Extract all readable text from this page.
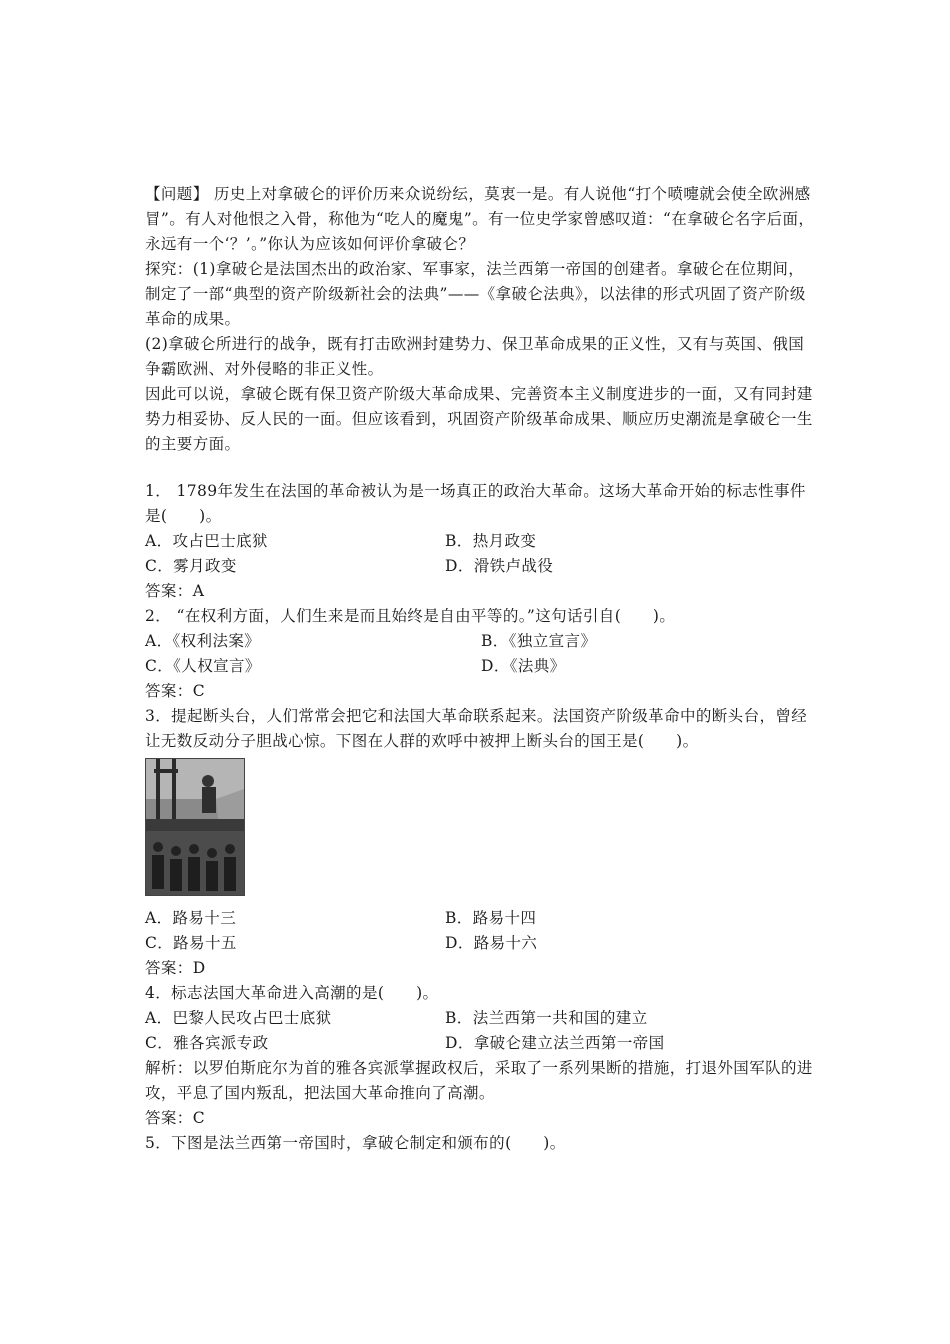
【问题】 历史上对拿破仑的评价历来众说纷纭，莫衷一是。有人说他“打个喷嚏就会使全欧洲感冒”。有人对他恨之入骨，称他为“吃人的魔鬼”。有一位史学家曾感叹道：“在拿破仑名字后面，永远有一个‘？’。”你认为应该如何评价拿破仑？

探究：(1)拿破仑是法国杰出的政治家、军事家，法兰西第一帝国的创建者。拿破仑在位期间，制定了一部“典型的资产阶级新社会的法典”——《拿破仑法典》，以法律的形式巩固了资产阶级革命的成果。

(2)拿破仑所进行的战争，既有打击欧洲封建势力、保卫革命成果的正义性，又有与英国、俄国争霸欧洲、对外侵略的非正义性。

因此可以说，拿破仑既有保卫资产阶级大革命成果、完善资本主义制度进步的一面，又有同封建势力相妥协、反人民的一面。但应该看到，巩固资产阶级革命成果、顺应历史潮流是拿破仑一生的主要方面。

1． 1789年发生在法国的革命被认为是一场真正的政治大革命。这场大革命开始的标志性事件是(　　)。

A．攻占巴士底狱	B．热月政变
C．雾月政变	D．滑铁卢战役

答案：A

2． “在权利方面，人们生来是而且始终是自由平等的。”这句话引自(　　)。

A．《权利法案》	B．《独立宣言》
C．《人权宣言》	D．《法典》

答案：C

3．提起断头台，人们常常会把它和法国大革命联系起来。法国资产阶级革命中的断头台，曾经让无数反动分子胆战心惊。下图在人群的欢呼中被押上断头台的国王是(　　)。

A．路易十三	B．路易十四
C．路易十五	D．路易十六

答案：D

4．标志法国大革命进入高潮的是(　　)。

A．巴黎人民攻占巴士底狱	B．法兰西第一共和国的建立
C．雅各宾派专政	D．拿破仑建立法兰西第一帝国

解析：以罗伯斯庇尔为首的雅各宾派掌握政权后，采取了一系列果断的措施，打退外国军队的进攻，平息了国内叛乱，把法国大革命推向了高潮。

答案：C

5．下图是法兰西第一帝国时，拿破仑制定和颁布的(　　)。
